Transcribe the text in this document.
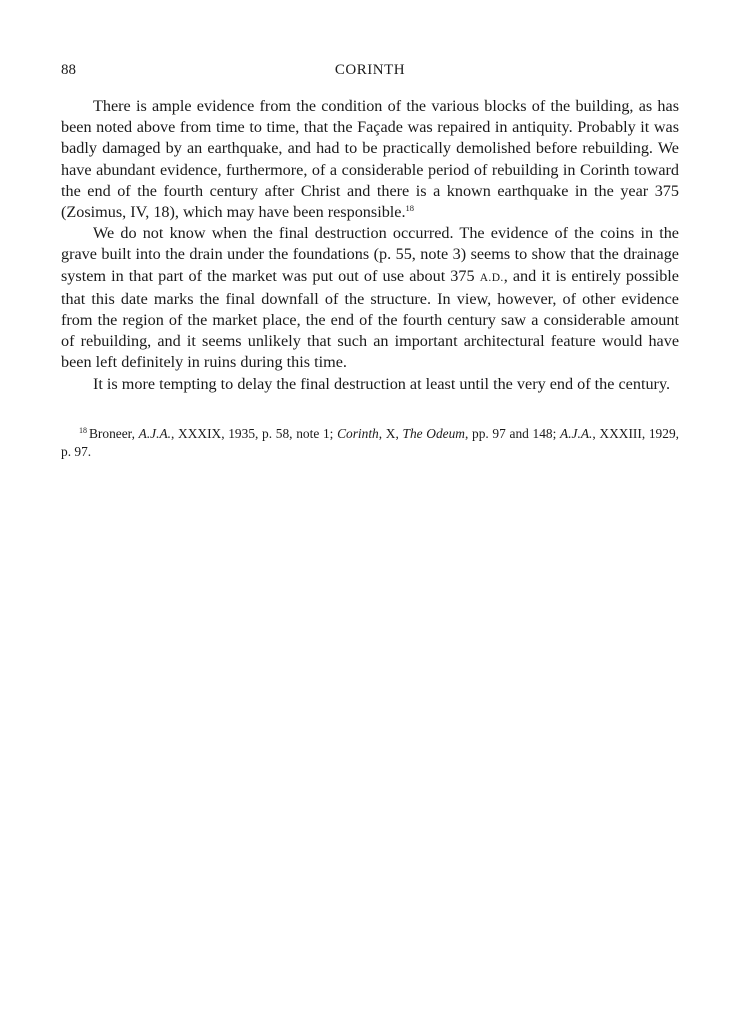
88	CORINTH

There is ample evidence from the condition of the various blocks of the building, as has been noted above from time to time, that the Façade was repaired in antiquity. Probably it was badly damaged by an earthquake, and had to be practically demolished before rebuilding. We have abundant evidence, furthermore, of a considerable period of rebuilding in Corinth toward the end of the fourth century after Christ and there is a known earthquake in the year 375 (Zosimus, IV, 18), which may have been responsible.$^{18}$

We do not know when the final destruction occurred. The evidence of the coins in the grave built into the drain under the foundations (p. 55, note 3) seems to show that the drainage system in that part of the market was put out of use about 375 A.D., and it is entirely possible that this date marks the final downfall of the structure. In view, however, of other evidence from the region of the market place, the end of the fourth century saw a considerable amount of rebuilding, and it seems unlikely that such an important architectural feature would have been left definitely in ruins during this time.

It is more tempting to delay the final destruction at least until the very end of the century.

$^{18}$ Broneer, A.J.A., XXXIX, 1935, p. 58, note 1; Corinth, X, The Odeum, pp. 97 and 148; A.J.A., XXXIII, 1929, p. 97.
